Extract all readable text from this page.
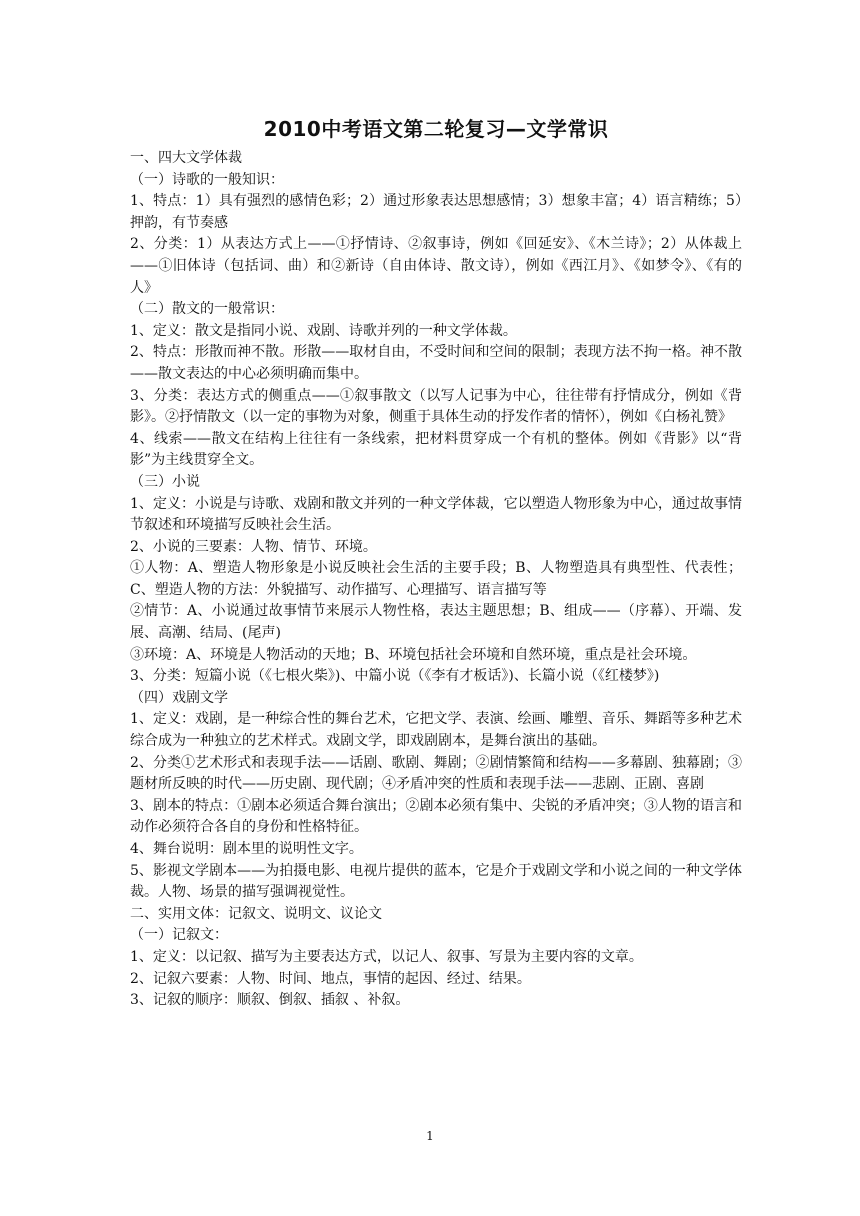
2010中考语文第二轮复习—文学常识

一、四大文学体裁

（一）诗歌的一般知识：

1、特点：1）具有强烈的感情色彩；2）通过形象表达思想感情；3）想象丰富；4）语言精练；5）押韵，有节奏感

2、分类：1）从表达方式上——①抒情诗、②叙事诗，例如《回延安》、《木兰诗》；2）从体裁上——①旧体诗（包括词、曲）和②新诗（自由体诗、散文诗），例如《西江月》、《如梦令》、《有的人》

（二）散文的一般常识：

1、定义：散文是指同小说、戏剧、诗歌并列的一种文学体裁。

2、特点：形散而神不散。形散——取材自由，不受时间和空间的限制；表现方法不拘一格。神不散——散文表达的中心必须明确而集中。

3、分类：表达方式的侧重点——①叙事散文（以写人记事为中心，往往带有抒情成分，例如《背影》。②抒情散文（以一定的事物为对象，侧重于具体生动的抒发作者的情怀），例如《白杨礼赞》

4、线索——散文在结构上往往有一条线索，把材料贯穿成一个有机的整体。例如《背影》以“背影”为主线贯穿全文。

（三）小说

1、定义：小说是与诗歌、戏剧和散文并列的一种文学体裁，它以塑造人物形象为中心，通过故事情节叙述和环境描写反映社会生活。

2、小说的三要素：人物、情节、环境。

①人物：A、塑造人物形象是小说反映社会生活的主要手段；B、人物塑造具有典型性、代表性；C、塑造人物的方法：外貌描写、动作描写、心理描写、语言描写等

②情节：A、小说通过故事情节来展示人物性格，表达主题思想；B、组成——（序幕）、开端、发展、高潮、结局、(尾声)

③环境：A、环境是人物活动的天地；B、环境包括社会环境和自然环境，重点是社会环境。

3、分类：短篇小说（《七根火柴》)、中篇小说（《李有才板话》)、长篇小说（《红楼梦》)

（四）戏剧文学

1、定义：戏剧，是一种综合性的舞台艺术，它把文学、表演、绘画、雕塑、音乐、舞蹈等多种艺术综合成为一种独立的艺术样式。戏剧文学，即戏剧剧本，是舞台演出的基础。

2、分类①艺术形式和表现手法——话剧、歌剧、舞剧；②剧情繁简和结构——多幕剧、独幕剧；③题材所反映的时代——历史剧、现代剧；④矛盾冲突的性质和表现手法——悲剧、正剧、喜剧

3、剧本的特点：①剧本必须适合舞台演出；②剧本必须有集中、尖锐的矛盾冲突；③人物的语言和动作必须符合各自的身份和性格特征。

4、舞台说明：剧本里的说明性文字。

5、影视文学剧本——为拍摄电影、电视片提供的蓝本，它是介于戏剧文学和小说之间的一种文学体裁。人物、场景的描写强调视觉性。

二、实用文体：记叙文、说明文、议论文

（一）记叙文：

1、定义：以记叙、描写为主要表达方式，以记人、叙事、写景为主要内容的文章。

2、记叙六要素：人物、时间、地点，事情的起因、经过、结果。

3、记叙的顺序：顺叙、倒叙、插叙 、补叙。

1
